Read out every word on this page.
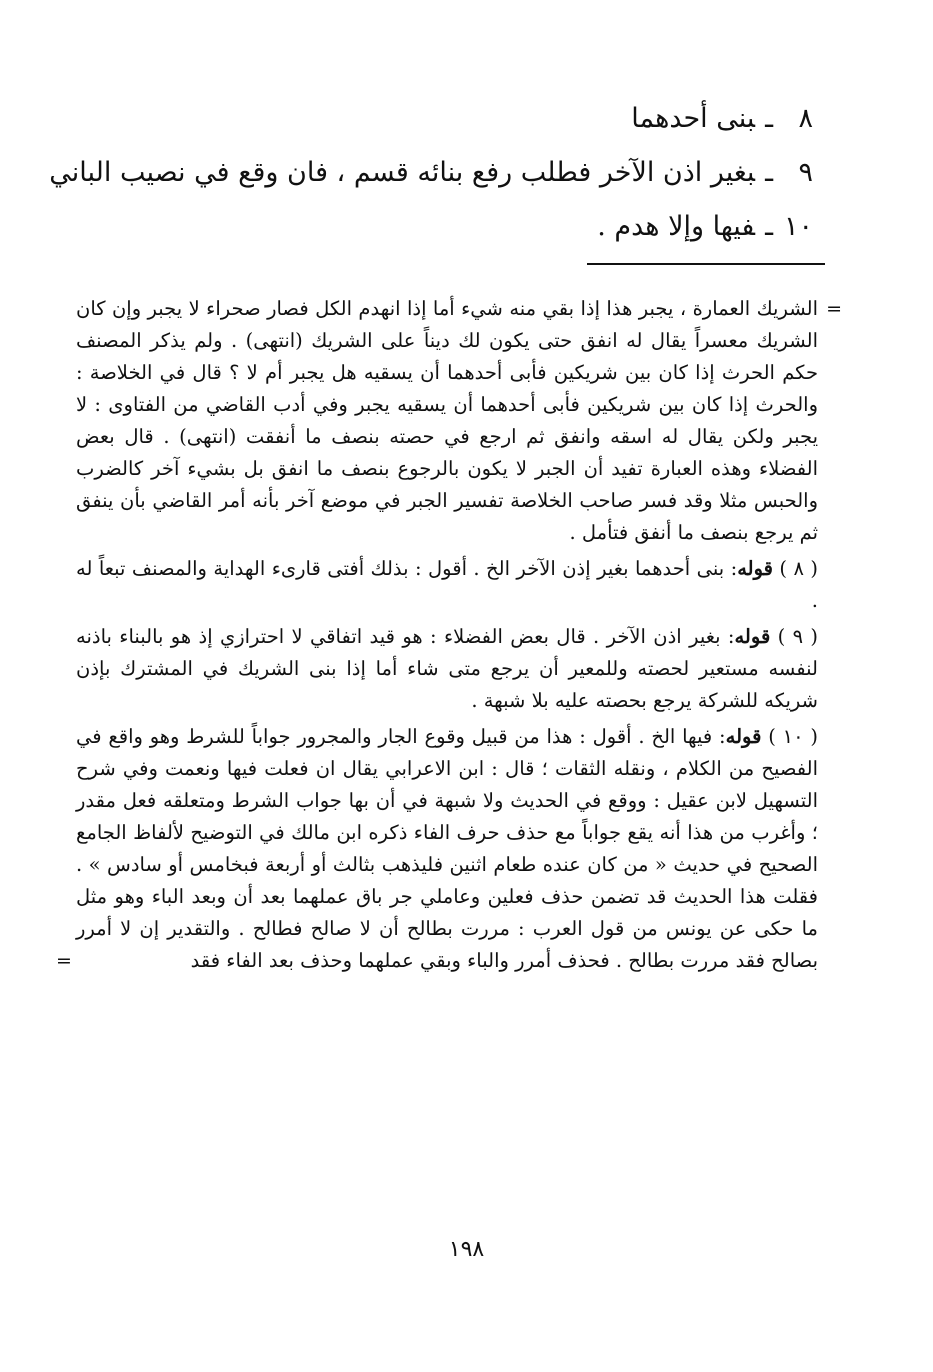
٨ـبنى أحدهما
٩ـبغير اذن الآخر فطلب رفع بنائه قسم ، فان وقع في نصيب الباني
١٠ـفيها وإلا هدم .
=

الشريك العمارة ، يجبر هذا إذا بقي منه شيء أما إذا انهدم الكل فصار صحراء لا يجبر وإن كان الشريك معسراً يقال له انفق حتى يكون لك ديناً على الشريك (انتهى) . ولم يذكر المصنف حكم الحرث إذا كان بين شريكين فأبى أحدهما أن يسقيه هل يجبر أم لا ؟ قال في الخلاصة : والحرث إذا كان بين شريكين فأبى أحدهما أن يسقيه يجبر وفي أدب القاضي من الفتاوى : لا يجبر ولكن يقال له اسقه وانفق ثم ارجع في حصته بنصف ما أنفقت (انتهى) . قال بعض الفضلاء وهذه العبارة تفيد أن الجبر لا يكون بالرجوع بنصف ما انفق بل بشيء آخر كالضرب والحبس مثلا وقد فسر صاحب الخلاصة تفسير الجبر في موضع آخر بأنه أمر القاضي بأن ينفق ثم يرجع بنصف ما أنفق فتأمل .

( ٨ ) قوله: بنى أحدهما بغير إذن الآخر الخ . أقول : بذلك أفتى قارىء الهداية والمصنف تبعاً له .

( ٩ ) قوله: بغير اذن الآخر . قال بعض الفضلاء : هو قيد اتفاقي لا احترازي إذ هو بالبناء باذنه لنفسه مستعير لحصته وللمعير أن يرجع متى شاء أما إذا بنى الشريك في المشترك بإذن شريكه للشركة يرجع بحصته عليه بلا شبهة .

( ١٠ ) قوله: فيها الخ . أقول : هذا من قبيل وقوع الجار والمجرور جواباً للشرط وهو واقع في الفصيح من الكلام ، ونقله الثقات ؛ قال : ابن الاعرابي يقال ان فعلت فيها ونعمت وفي شرح التسهيل لابن عقيل : ووقع في الحديث ولا شبهة في أن بها جواب الشرط ومتعلقه فعل مقدر ؛ وأغرب من هذا أنه يقع جواباً مع حذف حرف الفاء ذكره ابن مالك في التوضيح لألفاظ الجامع الصحيح في حديث « من كان عنده طعام اثنين فليذهب بثالث أو أربعة فبخامس أو سادس » . فقلت هذا الحديث قد تضمن حذف فعلين وعاملي جر باق عملهما بعد أن وبعد الباء وهو مثل ما حكى عن يونس من قول العرب : مررت بطالح أن لا صالح فطالح . والتقدير إن لا أمرر بصالح فقد مررت بطالح . فحذف أمرر والباء وبقي عملهما وحذف بعد الفاء فقد

=
١٩٨
